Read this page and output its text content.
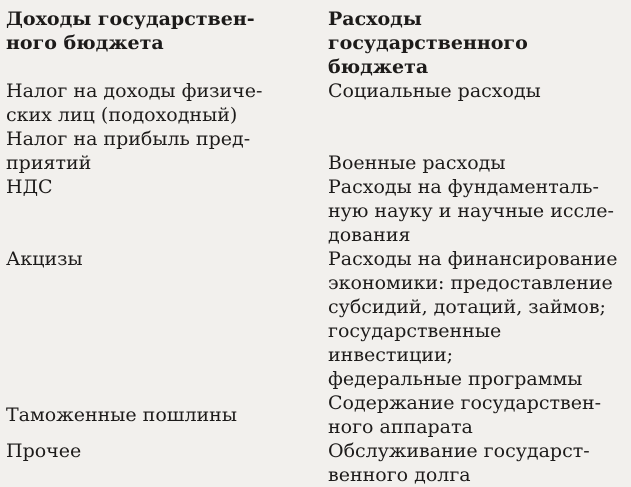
Доходы государствен-
ного бюджета	Расходы государственного
бюджета

Налог на доходы физиче-
ских лиц (подоходный)	Социальные расходы

Налог на прибыль пред-
приятий	Военные расходы

НДС	Расходы на фундаменталь-
ную науку и научные иссле-
дования

Акцизы	Расходы на финансирование
экономики: предоставление
субсидий, дотаций, займов;
государственные инвестиции;
федеральные программы

Таможенные пошлины	Содержание государствен-
ного аппарата

Прочее	Обслуживание государст-
венного долга
